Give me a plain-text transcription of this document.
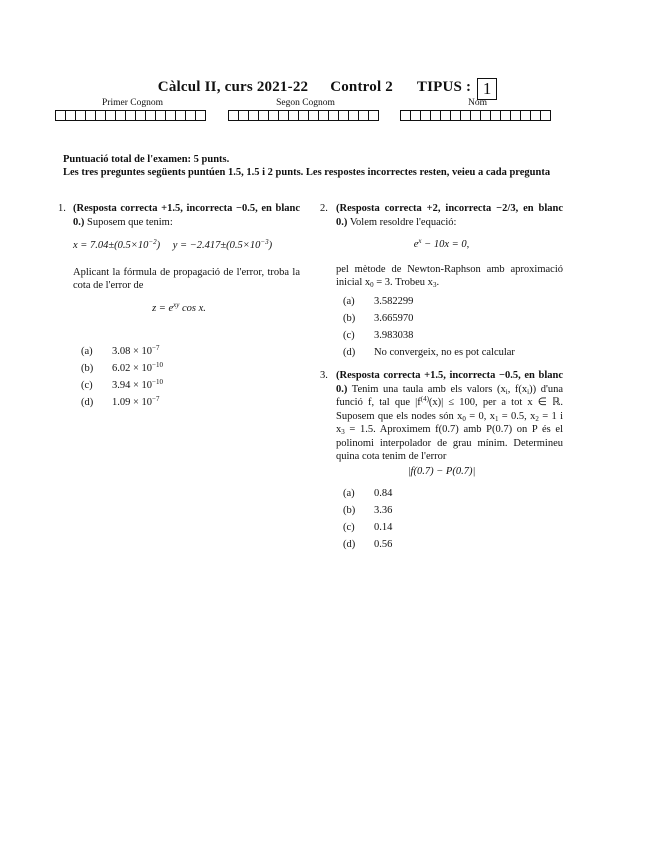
Càlcul II, curs 2021-22 Control 2 TIPUS : 1
Primer Cognom	Segon Cognom	Nom
Puntuació total de l'examen: 5 punts.
Les tres preguntes següents puntúen 1.5, 1.5 i 2 punts. Les respostes incorrectes resten, veieu a cada pregunta
1. (Resposta correcta +1.5, incorrecta −0.5, en blanc 0.) Suposem que tenim:
$x = 7.04\pm(0.5\times 10^{-2}) y = -2.417\pm(0.5\times 10^{-3})$
Aplicant la fórmula de propagació de l'error, troba la cota de l'error de
$z = e^{xy}$ cos x.
(a)	$3.08 \times 10^{-7}$
(b)	$6.02 \times 10^{-10}$
(c)	$3.94 \times 10^{-10}$
(d)	$1.09 \times 10^{-7}$
2. (Resposta correcta +2, incorrecta −2/3, en blanc 0.) Volem resoldre l'equació:
$e^x - 10x = 0$,
pel mètode de Newton-Raphson amb aproximació inicial $x_0 = 3$. Trobeu $x_3$.
(a)	3.582299
(b)	3.665970
(c)	3.983038
(d)	No convergeix, no es pot calcular
3. (Resposta correcta +1.5, incorrecta −0.5, en blanc 0.) Tenim una taula amb els valors ($x_i$, $f(x_i)$) d'una funció f, tal que $|f^{(4)}(x)| \le 100$, per a tot x ∈ ℝ. Suposem que els nodes són $x_0 = 0$, $x_1 = 0.5$, $x_2 = 1$ i $x_3 = 1.5$. Aproximem f(0.7) amb P(0.7) on P és el polinomi interpolador de grau mínim. Determineu quina cota tenim de l'error
|f(0.7) − P(0.7)|
(a)	0.84
(b)	3.36
(c)	0.14
(d)	0.56
